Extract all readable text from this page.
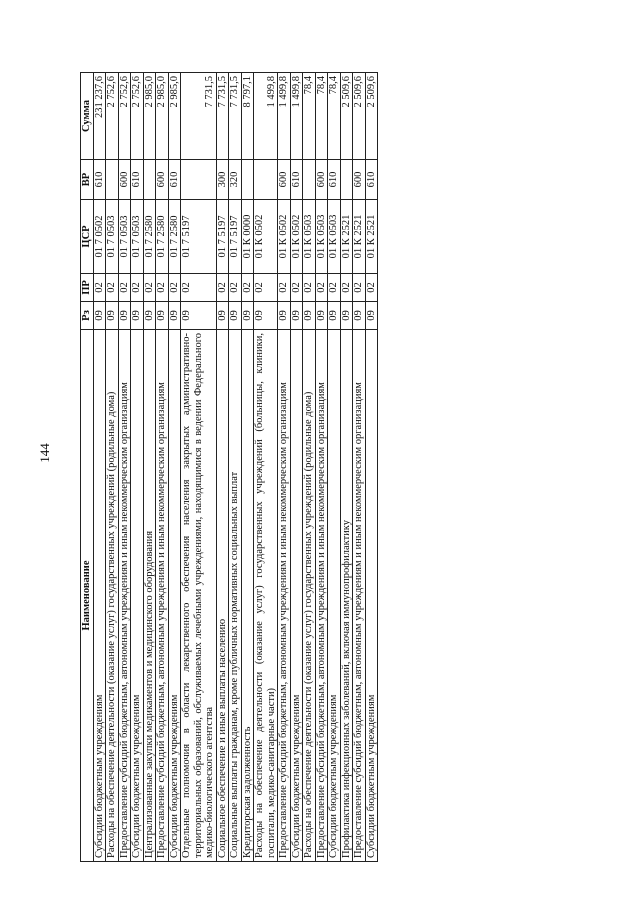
144
Наименование	Рз	ПР	ЦСР	ВР	Сумма
Субсидии бюджетным учреждениям	09	02	01 7 0502	610	231 237,6
Расходы на обеспечение деятельности (оказание услуг) государственных учреждений (родильные дома)	09	02	01 7 0503		2 752,6
Предоставление субсидий бюджетным, автономным учреждениям и иным некоммерческим организациям	09	02	01 7 0503	600	2 752,6
Субсидии бюджетным учреждениям	09	02	01 7 0503	610	2 752,6
Централизованные закупки медикаментов и медицинского оборудования	09	02	01 7 2580		2 985,0
Предоставление субсидий бюджетным, автономным учреждениям и иным некоммерческим организациям	09	02	01 7 2580	600	2 985,0
Субсидии бюджетным учреждениям	09	02	01 7 2580	610	2 985,0
Отдельные полномочия в области лекарственного обеспечения населения закрытых административно-территориальных образований, обслуживаемых лечебными учреждениями, находящимися в ведении Федерального медико-биологического агентства	09	02	01 7 5197		7 731,5
Социальное обеспечение и иные выплаты населению	09	02	01 7 5197	300	7 731,5
Социальные выплаты гражданам, кроме публичных нормативных социальных выплат	09	02	01 7 5197	320	7 731,5
Кредиторская задолженность	09	02	01 К 0000		8 797,1
Расходы на обеспечение деятельности (оказание услуг) государственных учреждений (больницы, клиники, госпитали, медико-санитарные части)	09	02	01 К 0502		1 499,8
Предоставление субсидий бюджетным, автономным учреждениям и иным некоммерческим организациям	09	02	01 К 0502	600	1 499,8
Субсидии бюджетным учреждениям	09	02	01 К 0502	610	1 499,8
Расходы на обеспечение деятельности (оказание услуг) государственных учреждений (родильные дома)	09	02	01 К 0503		78,4
Предоставление субсидий бюджетным, автономным учреждениям и иным некоммерческим организациям	09	02	01 К 0503	600	78,4
Субсидии бюджетным учреждениям	09	02	01 К 0503	610	78,4
Профилактика инфекционных заболеваний, включая иммунопрофилактику	09	02	01 К 2521		2 509,6
Предоставление субсидий бюджетным, автономным учреждениям и иным некоммерческим организациям	09	02	01 К 2521	600	2 509,6
Субсидии бюджетным учреждениям	09	02	01 К 2521	610	2 509,6
